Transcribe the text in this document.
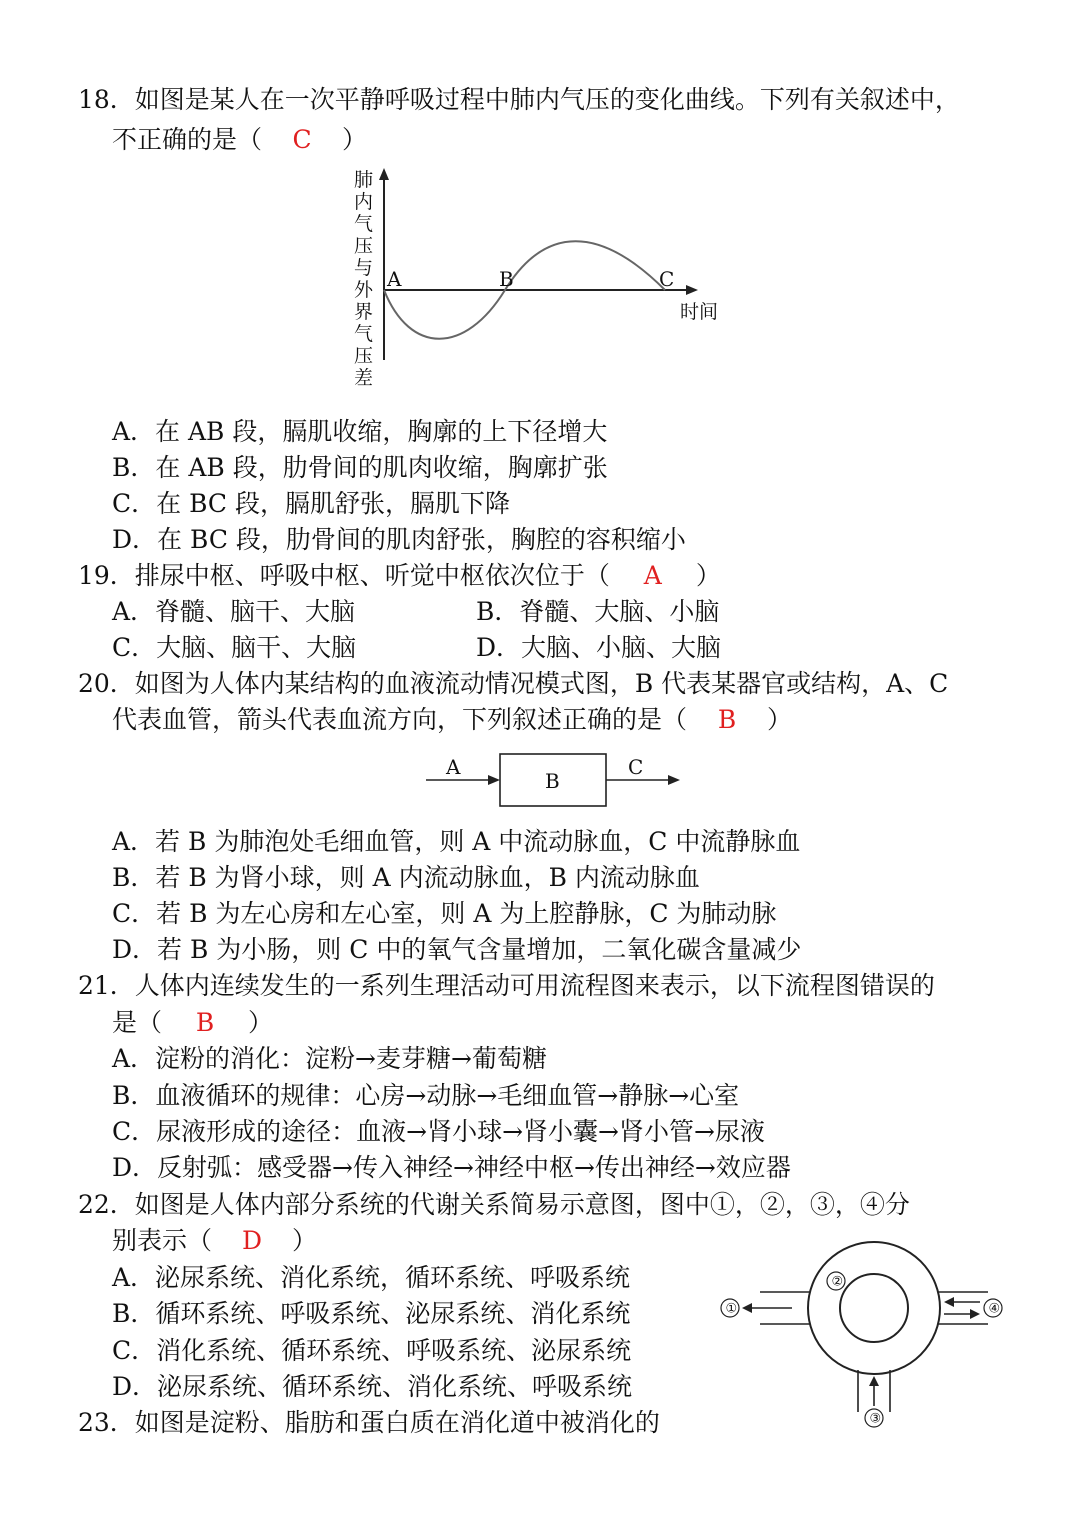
18．如图是某人在一次平静呼吸过程中肺内气压的变化曲线。下列有关叙述中，
不正确的是（ C ）
肺
内
气
压
与
外
界
气
压
差
A	B	C
时间
A．在 AB 段，膈肌收缩，胸廓的上下径增大
B．在 AB 段，肋骨间的肌肉收缩，胸廓扩张
C．在 BC 段，膈肌舒张，膈肌下降
D．在 BC 段，肋骨间的肌肉舒张，胸腔的容积缩小
19．排尿中枢、呼吸中枢、听觉中枢依次位于（ A ）
A．脊髓、脑干、大脑	B．脊髓、大脑、小脑
C．大脑、脑干、大脑	D．大脑、小脑、大脑
20．如图为人体内某结构的血液流动情况模式图，B 代表某器官或结构，A、C
代表血管，箭头代表血流方向，下列叙述正确的是（ B ）
A
B
C
A．若 B 为肺泡处毛细血管，则 A 中流动脉血，C 中流静脉血
B．若 B 为肾小球，则 A 内流动脉血，B 内流动脉血
C．若 B 为左心房和左心室，则 A 为上腔静脉，C 为肺动脉
D．若 B 为小肠，则 C 中的氧气含量增加，二氧化碳含量减少
21．人体内连续发生的一系列生理活动可用流程图来表示，以下流程图错误的
是（ B ）
A．淀粉的消化：淀粉→麦芽糖→葡萄糖
B．血液循环的规律：心房→动脉→毛细血管→静脉→心室
C．尿液形成的途径：血液→肾小球→肾小囊→肾小管→尿液
D．反射弧：感受器→传入神经→神经中枢→传出神经→效应器
22．如图是人体内部分系统的代谢关系简易示意图，图中①，②，③，④分
别表示（ D ）
A．泌尿系统、消化系统，循环系统、呼吸系统
B．循环系统、呼吸系统、泌尿系统、消化系统
C．消化系统、循环系统、呼吸系统、泌尿系统
D．泌尿系统、循环系统、消化系统、呼吸系统
①	④
③
②
23．如图是淀粉、脂肪和蛋白质在消化道中被消化的
